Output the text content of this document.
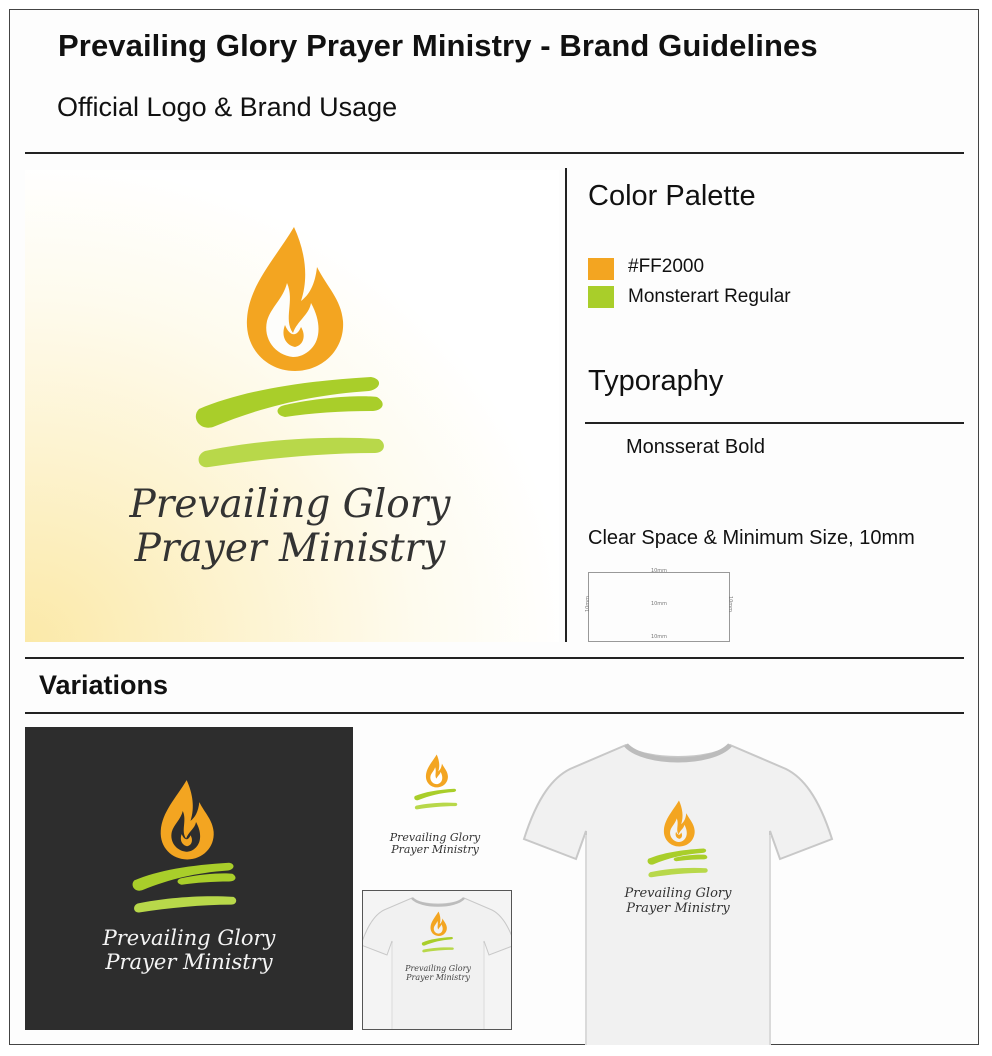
Prevailing Glory Prayer Ministry - Brand Guidelines
Official Logo & Brand Usage
Prevailing Glory
Prayer Ministry
Color Palette
#FF2000
Monsterart Regular
Typoraphy
Monsserat Bold
Clear Space & Minimum Size, 10mm
10mm
10mm
10mm
10mm	10mm
Variations
Prevailing Glory
Prayer Ministry
Prevailing Glory
Prayer Ministry
Prevailing Glory
Prayer Ministry
Prevailing Glory
Prayer Ministry
